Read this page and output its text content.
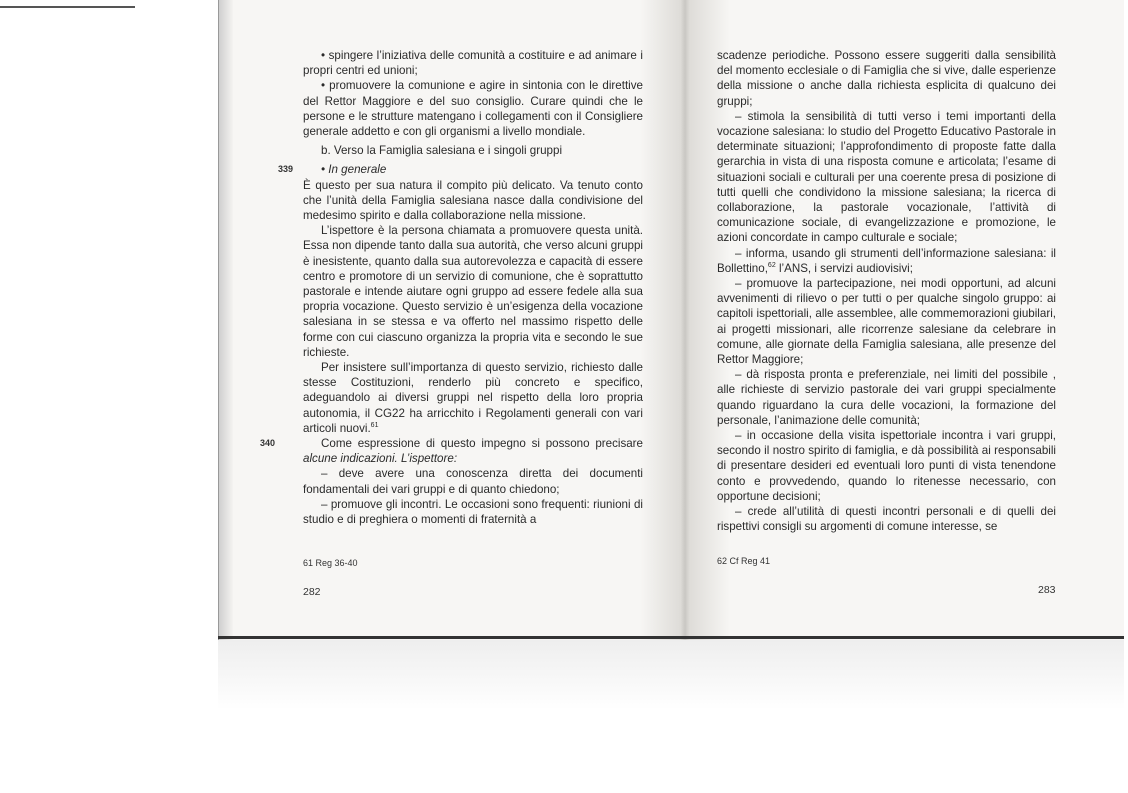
• spingere l’iniziativa delle comunità a costituire e ad animare i propri centri ed unioni;

• promuovere la comunione e agire in sintonia con le direttive del Rettor Maggiore e del suo consiglio. Curare quindi che le persone e le strutture matengano i collegamenti con il Consigliere generale addetto e con gli organismi a livello mondiale.

b. Verso la Famiglia salesiana e i singoli gruppi

339 • In generale

È questo per sua natura il compito più delicato. Va tenuto conto che l’unità della Famiglia salesiana nasce dalla condivisione del medesimo spirito e dalla collaborazione nella missione.

L’ispettore è la persona chiamata a promuovere questa unità. Essa non dipende tanto dalla sua autorità, che verso alcuni gruppi è inesistente, quanto dalla sua autorevolezza e capacità di essere centro e promotore di un servizio di comunione, che è soprattutto pastorale e intende aiutare ogni gruppo ad essere fedele alla sua propria vocazione. Questo servizio è un’esigenza della vocazione salesiana in se stessa e va offerto nel massimo rispetto delle forme con cui ciascuno organizza la propria vita e secondo le sue richieste.

Per insistere sull’importanza di questo servizio, richiesto dalle stesse Costituzioni, renderlo più concreto e specifico, adeguandolo ai diversi gruppi nel rispetto della loro propria autonomia, il CG22 ha arricchito i Regolamenti generali con vari articoli nuovi.$^{61}$

340	Come espressione di questo impegno si possono precisare alcune indicazioni. L’ispettore:

– deve avere una conoscenza diretta dei documenti fondamentali dei vari gruppi e di quanto chiedono;

– promuove gli incontri. Le occasioni sono frequenti: riunioni di studio e di preghiera o momenti di fraternità a

61 Reg 36-40
282

scadenze periodiche. Possono essere suggeriti dalla sensibilità del momento ecclesiale o di Famiglia che si vive, dalle esperienze della missione o anche dalla richiesta esplicita di qualcuno dei gruppi;

– stimola la sensibilità di tutti verso i temi importanti della vocazione salesiana: lo studio del Progetto Educativo Pastorale in determinate situazioni; l’approfondimento di proposte fatte dalla gerarchia in vista di una risposta comune e articolata; l’esame di situazioni sociali e culturali per una coerente presa di posizione di tutti quelli che condividono la missione salesiana; la ricerca di collaborazione, la pastorale vocazionale, l’attività di comunicazione sociale, di evangelizzazione e promozione, le azioni concordate in campo culturale e sociale;

– informa, usando gli strumenti dell’informazione salesiana: il Bollettino,$^{62}$ l’ANS, i servizi audiovisivi;

– promuove la partecipazione, nei modi opportuni, ad alcuni avvenimenti di rilievo o per tutti o per qualche singolo gruppo: ai capitoli ispettoriali, alle assemblee, alle commemorazioni giubilari, ai progetti missionari, alle ricorrenze salesiane da celebrare in comune, alle giornate della Famiglia salesiana, alle presenze del Rettor Maggiore;

– dà risposta pronta e preferenziale, nei limiti del possibile , alle richieste di servizio pastorale dei vari gruppi specialmente quando riguardano la cura delle vocazioni, la formazione del personale, l’animazione delle comunità;

– in occasione della visita ispettoriale incontra i vari gruppi, secondo il nostro spirito di famiglia, e dà possibilità ai responsabili di presentare desideri ed eventuali loro punti di vista tenendone conto e provvedendo, quando lo ritenesse necessario, con opportune decisioni;

– crede all’utilità di questi incontri personali e di quelli dei rispettivi consigli su argomenti di comune interesse, se

62 Cf Reg 41
283
